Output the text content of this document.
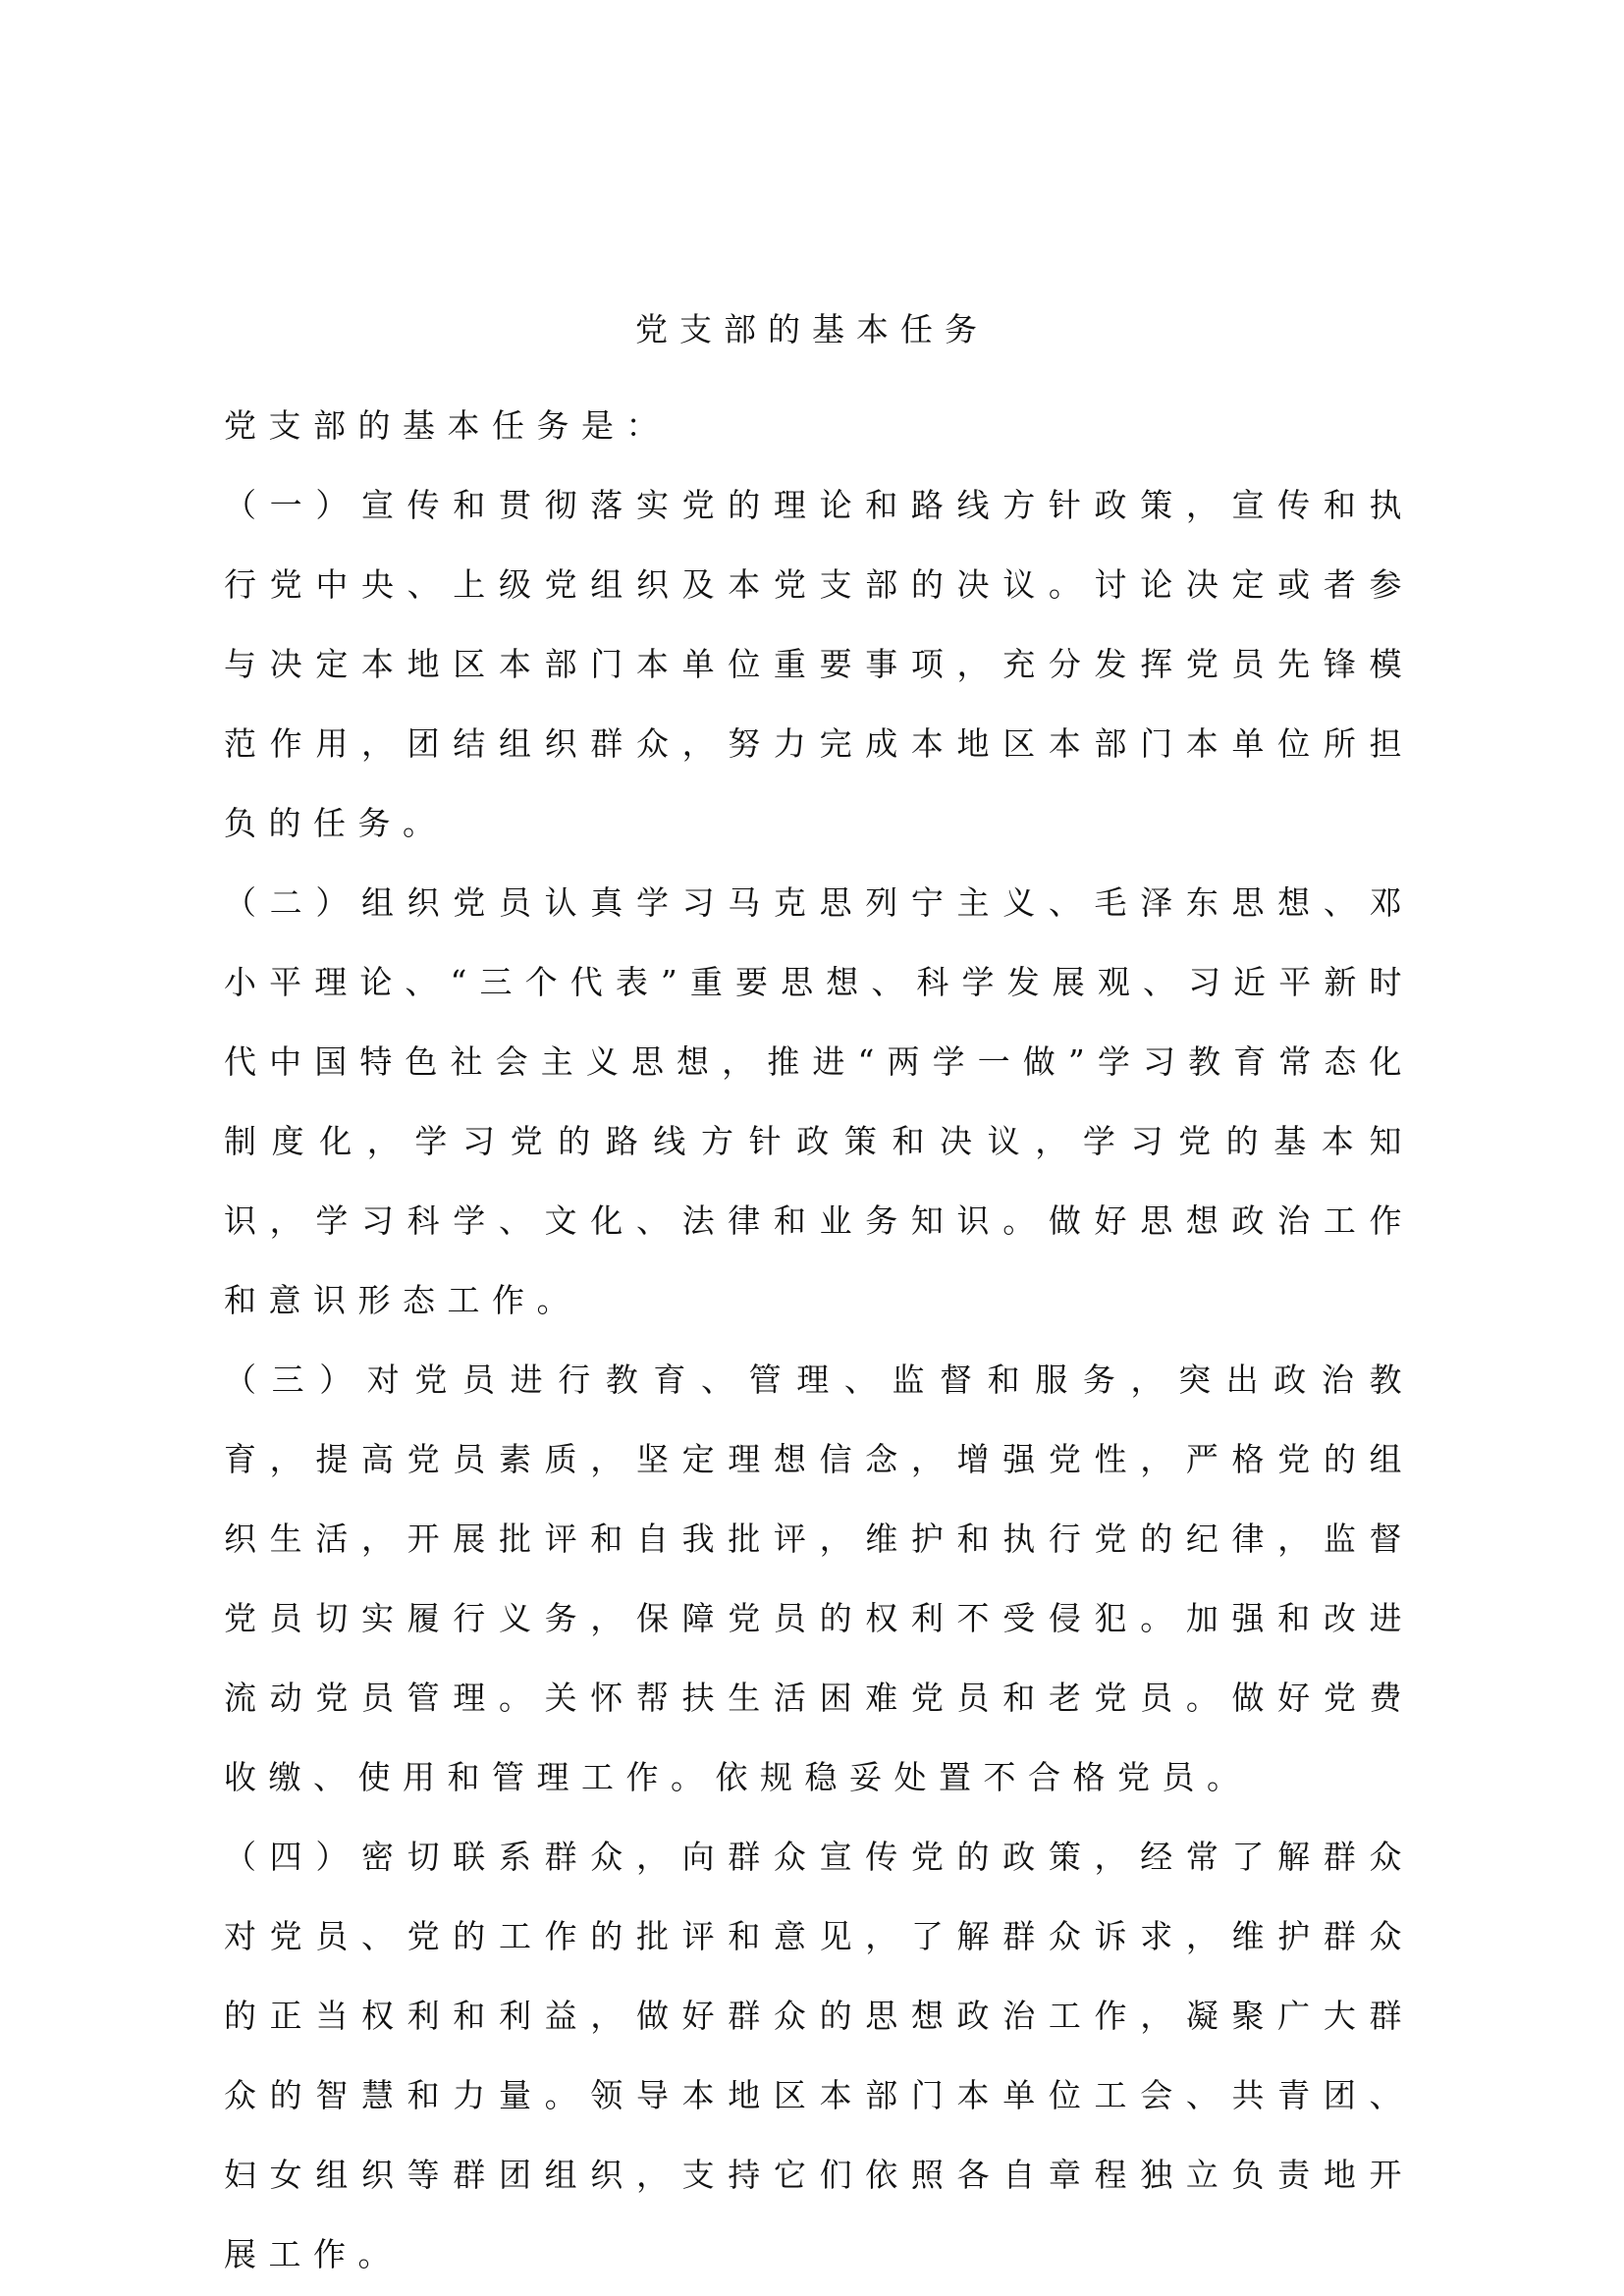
党支部的基本任务

党支部的基本任务是：

（一）宣传和贯彻落实党的理论和路线方针政策，宣传和执行党中央、上级党组织及本党支部的决议。讨论决定或者参与决定本地区本部门本单位重要事项，充分发挥党员先锋模范作用，团结组织群众，努力完成本地区本部门本单位所担负的任务。

（二）组织党员认真学习马克思列宁主义、毛泽东思想、邓小平理论、“三个代表”重要思想、科学发展观、习近平新时代中国特色社会主义思想，推进“两学一做”学习教育常态化制度化，学习党的路线方针政策和决议，学习党的基本知识，学习科学、文化、法律和业务知识。做好思想政治工作和意识形态工作。

（三）对党员进行教育、管理、监督和服务，突出政治教育，提高党员素质，坚定理想信念，增强党性，严格党的组织生活，开展批评和自我批评，维护和执行党的纪律，监督党员切实履行义务，保障党员的权利不受侵犯。加强和改进流动党员管理。关怀帮扶生活困难党员和老党员。做好党费收缴、使用和管理工作。依规稳妥处置不合格党员。

（四）密切联系群众，向群众宣传党的政策，经常了解群众对党员、党的工作的批评和意见，了解群众诉求，维护群众的正当权利和利益，做好群众的思想政治工作，凝聚广大群众的智慧和力量。领导本地区本部门本单位工会、共青团、妇女组织等群团组织，支持它们依照各自章程独立负责地开展工作。
